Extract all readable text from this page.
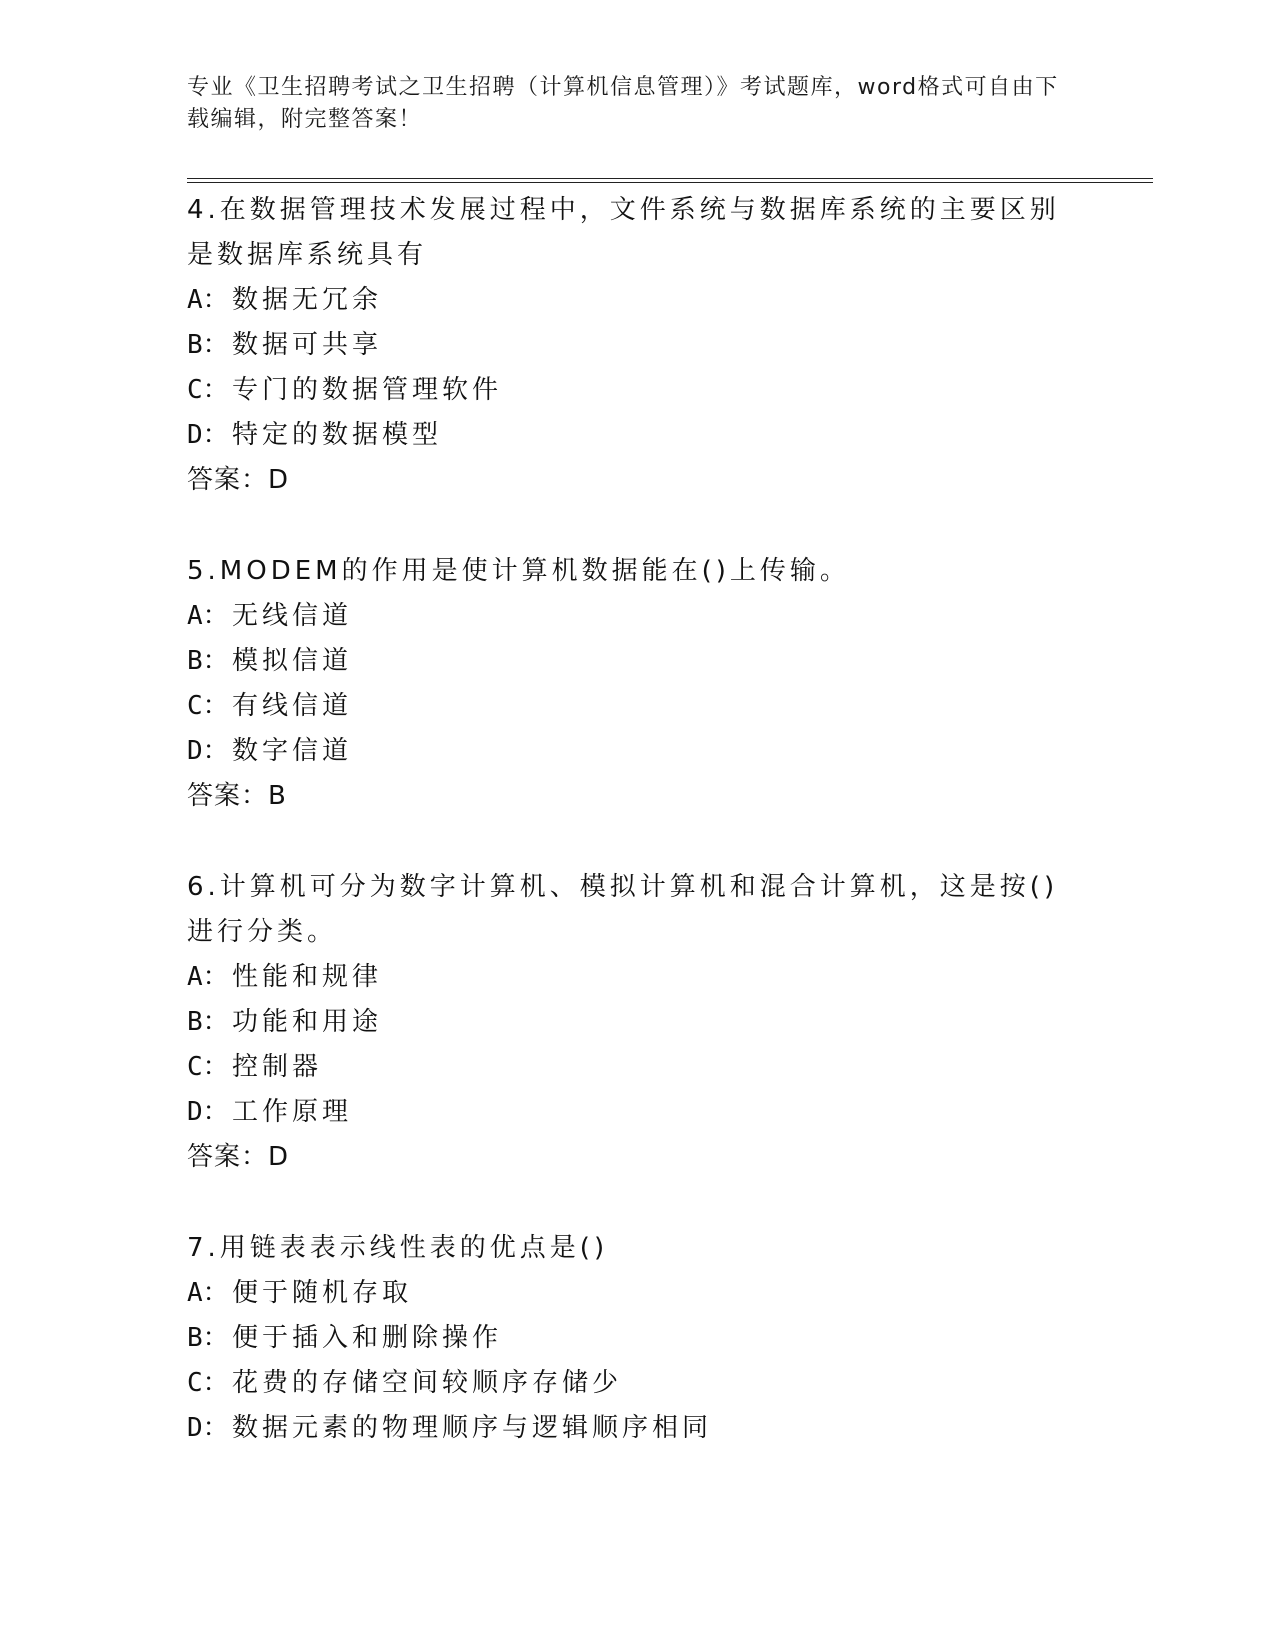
专业《卫生招聘考试之卫生招聘（计算机信息管理）》考试题库，word格式可自由下载编辑，附完整答案！

4.在数据管理技术发展过程中，文件系统与数据库系统的主要区别是数据库系统具有

A： 数据无冗余

B： 数据可共享

C： 专门的数据管理软件

D： 特定的数据模型

答案：D

5.MODEM的作用是使计算机数据能在()上传输。

A： 无线信道

B： 模拟信道

C： 有线信道

D： 数字信道

答案：B

6.计算机可分为数字计算机、模拟计算机和混合计算机，这是按()进行分类。

A： 性能和规律

B： 功能和用途

C： 控制器

D： 工作原理

答案：D

7.用链表表示线性表的优点是()

A： 便于随机存取

B： 便于插入和删除操作

C： 花费的存储空间较顺序存储少

D： 数据元素的物理顺序与逻辑顺序相同
